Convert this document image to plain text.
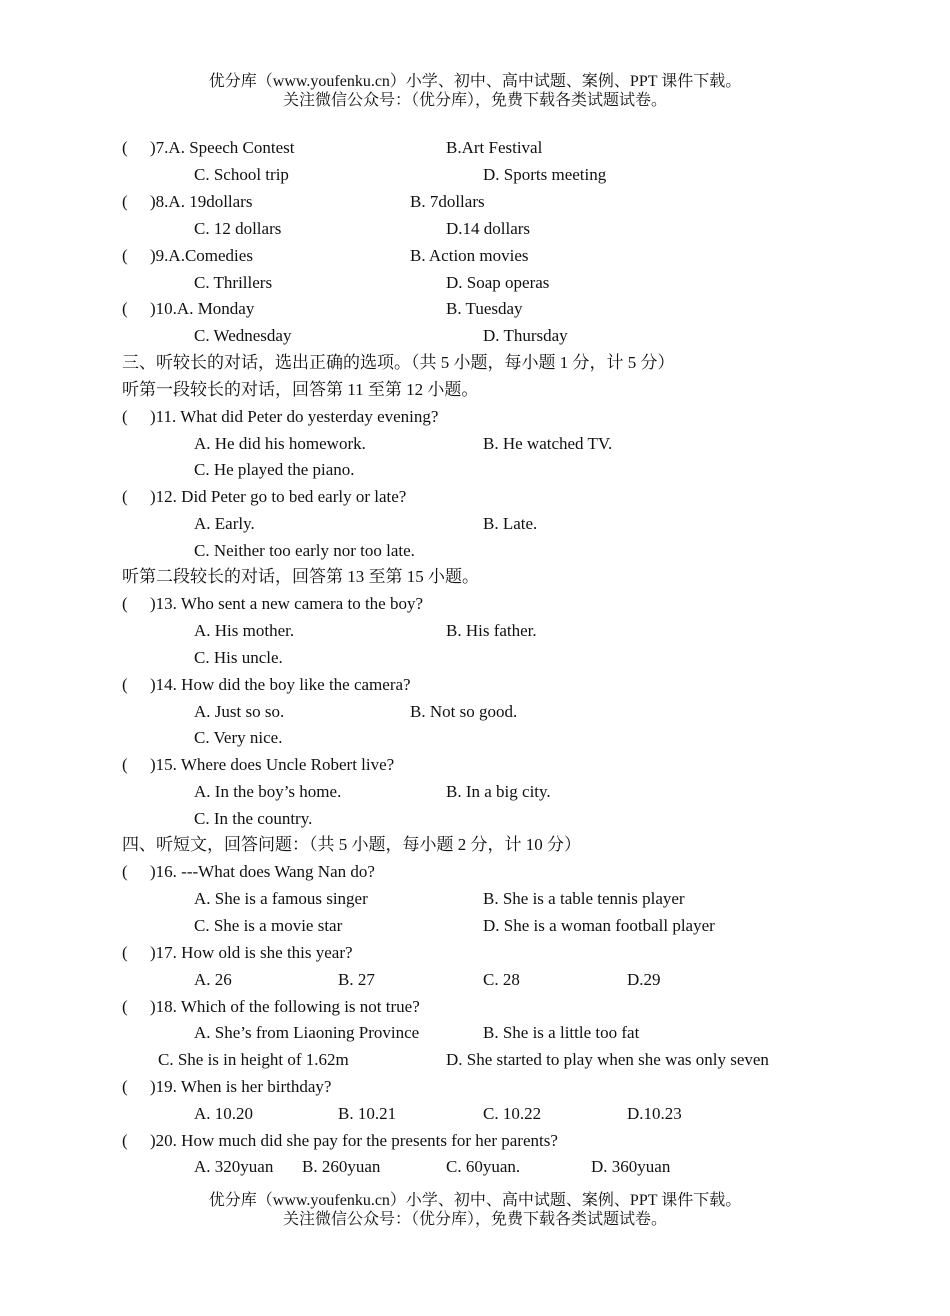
优分库（www.youfenku.cn）小学、初中、高中试题、案例、PPT 课件下载。
关注微信公众号：（优分库），免费下载各类试题试卷。
( )7.A. Speech Contest	B.Art Festival
C. School trip	D. Sports meeting
( )8.A. 19dollars	B. 7dollars
C. 12 dollars	D.14 dollars
( )9.A.Comedies	B. Action movies
C. Thrillers	D. Soap operas
( )10.A. Monday	B. Tuesday
C. Wednesday	D. Thursday
三、听较长的对话，选出正确的选项。（共 5 小题，每小题 1 分，计 5 分）
听第一段较长的对话，回答第 11 至第 12 小题。
( )11. What did Peter do yesterday evening?
A. He did his homework.	B. He watched TV.
C. He played the piano.
( )12. Did Peter go to bed early or late?
A. Early.	B. Late.
C. Neither too early nor too late.
听第二段较长的对话，回答第 13 至第 15 小题。
( )13. Who sent a new camera to the boy?
A. His mother.	B. His father.
C. His uncle.
( )14. How did the boy like the camera?
A. Just so so.	B. Not so good.
C. Very nice.
( )15. Where does Uncle Robert live?
A. In the boy’s home.	B. In a big city.
C. In the country.
四、听短文，回答问题：（共 5 小题，每小题 2 分，计 10 分）
( )16. ---What does Wang Nan do?
A. She is a famous singer	B. She is a table tennis player
C. She is a movie star	D. She is a woman football player
( )17. How old is she this year?
A. 26	B. 27	C. 28	D.29
( )18. Which of the following is not true?
A. She’s from Liaoning Province	B. She is a little too fat
C. She is in height of 1.62m	D. She started to play when she was only seven
( )19. When is her birthday?
A. 10.20	B. 10.21	C. 10.22	D.10.23
( )20. How much did she pay for the presents for her parents?
A. 320yuan B. 260yuan	C. 60yuan.	D. 360yuan
优分库（www.youfenku.cn）小学、初中、高中试题、案例、PPT 课件下载。
关注微信公众号：（优分库），免费下载各类试题试卷。
